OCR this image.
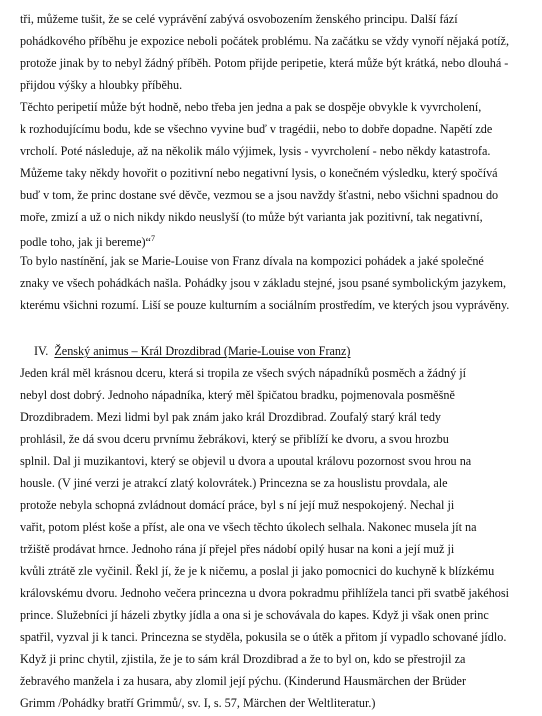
tři, můžeme tušit, že se celé vyprávění zabývá osvobozením ženského principu. Další fází
pohádkového příběhu je expozice neboli počátek problému. Na začátku se vždy vynoří nějaká potíž,
protože jinak by to nebyl žádný příběh. Potom přijde peripetie, která může být krátká, nebo dlouhá -
přijdou výšky a hloubky příběhu.
Těchto peripetií může být hodně, nebo třeba jen jedna a pak se dospěje obvykle k vyvrcholení,
k rozhodujícímu bodu, kde se všechno vyvine buď v tragédii, nebo to dobře dopadne. Napětí zde
vrcholí. Poté následuje, až na několik málo výjimek, lysis - vyvrcholení - nebo někdy katastrofa.
Můžeme taky někdy hovořit o pozitivní nebo negativní lysis, o konečném výsledku, který spočívá
buď v tom, že princ dostane své děvče, vezmou se a jsou navždy šťastni, nebo všichni spadnou do
moře, zmizí a už o nich nikdy nikdo neuslyší (to může být varianta jak pozitivní, tak negativní,
podle toho, jak ji bereme)“$^7$
To bylo nastínění, jak se Marie-Louise von Franz dívala na kompozici pohádek a jaké společné
znaky ve všech pohádkách našla. Pohádky jsou v základu stejné, jsou psané symbolickým jazykem,
kterému všichni rozumí. Liší se pouze kulturním a sociálním prostředím, ve kterých jsou vyprávěny.
IV. Ženský animus – Král Drozdibrad (Marie-Louise von Franz)
Jeden král měl krásnou dceru, která si tropila ze všech svých nápadníků posměch a žádný jí
nebyl dost dobrý. Jednoho nápadníka, který měl špičatou bradku, pojmenovala posměšně
Drozdibradem. Mezi lidmi byl pak znám jako král Drozdibrad. Zoufalý starý král tedy
prohlásil, že dá svou dceru prvnímu žebrákovi, který se přiblíží ke dvoru, a svou hrozbu
splnil. Dal ji muzikantovi, který se objevil u dvora a upoutal královu pozornost svou hrou na
housle. (V jiné verzi je atrakcí zlatý kolovrátek.) Princezna se za houslistu provdala, ale
protože nebyla schopná zvládnout domácí práce, byl s ní její muž nespokojený. Nechal ji
vařit, potom plést koše a příst, ale ona ve všech těchto úkolech selhala. Nakonec musela jít na
tržiště prodávat hrnce. Jednoho rána jí přejel přes nádobí opilý husar na koni a její muž ji
kvůli ztrátě zle vyčinil. Řekl jí, že je k ničemu, a poslal ji jako pomocnici do kuchyně k blízkému
královskému dvoru. Jednoho večera princezna u dvora pokradmu přihlížela tanci při svatbě jakéhosi
prince. Služebníci jí házeli zbytky jídla a ona si je schovávala do kapes. Když ji však onen princ
spatřil, vyzval ji k tanci. Princezna se styděla, pokusila se o útěk a přitom jí vypadlo schované jídlo.
Když ji princ chytil, zjistila, že je to sám král Drozdibrad a že to byl on, kdo se přestrojil za
žebravého manžela i za husara, aby zlomil její pýchu. (Kinderund Hausmärchen der Brüder
Grimm /Pohádky bratří Grimmů/, sv. I, s. 57, Märchen der Weltliteratur.)
